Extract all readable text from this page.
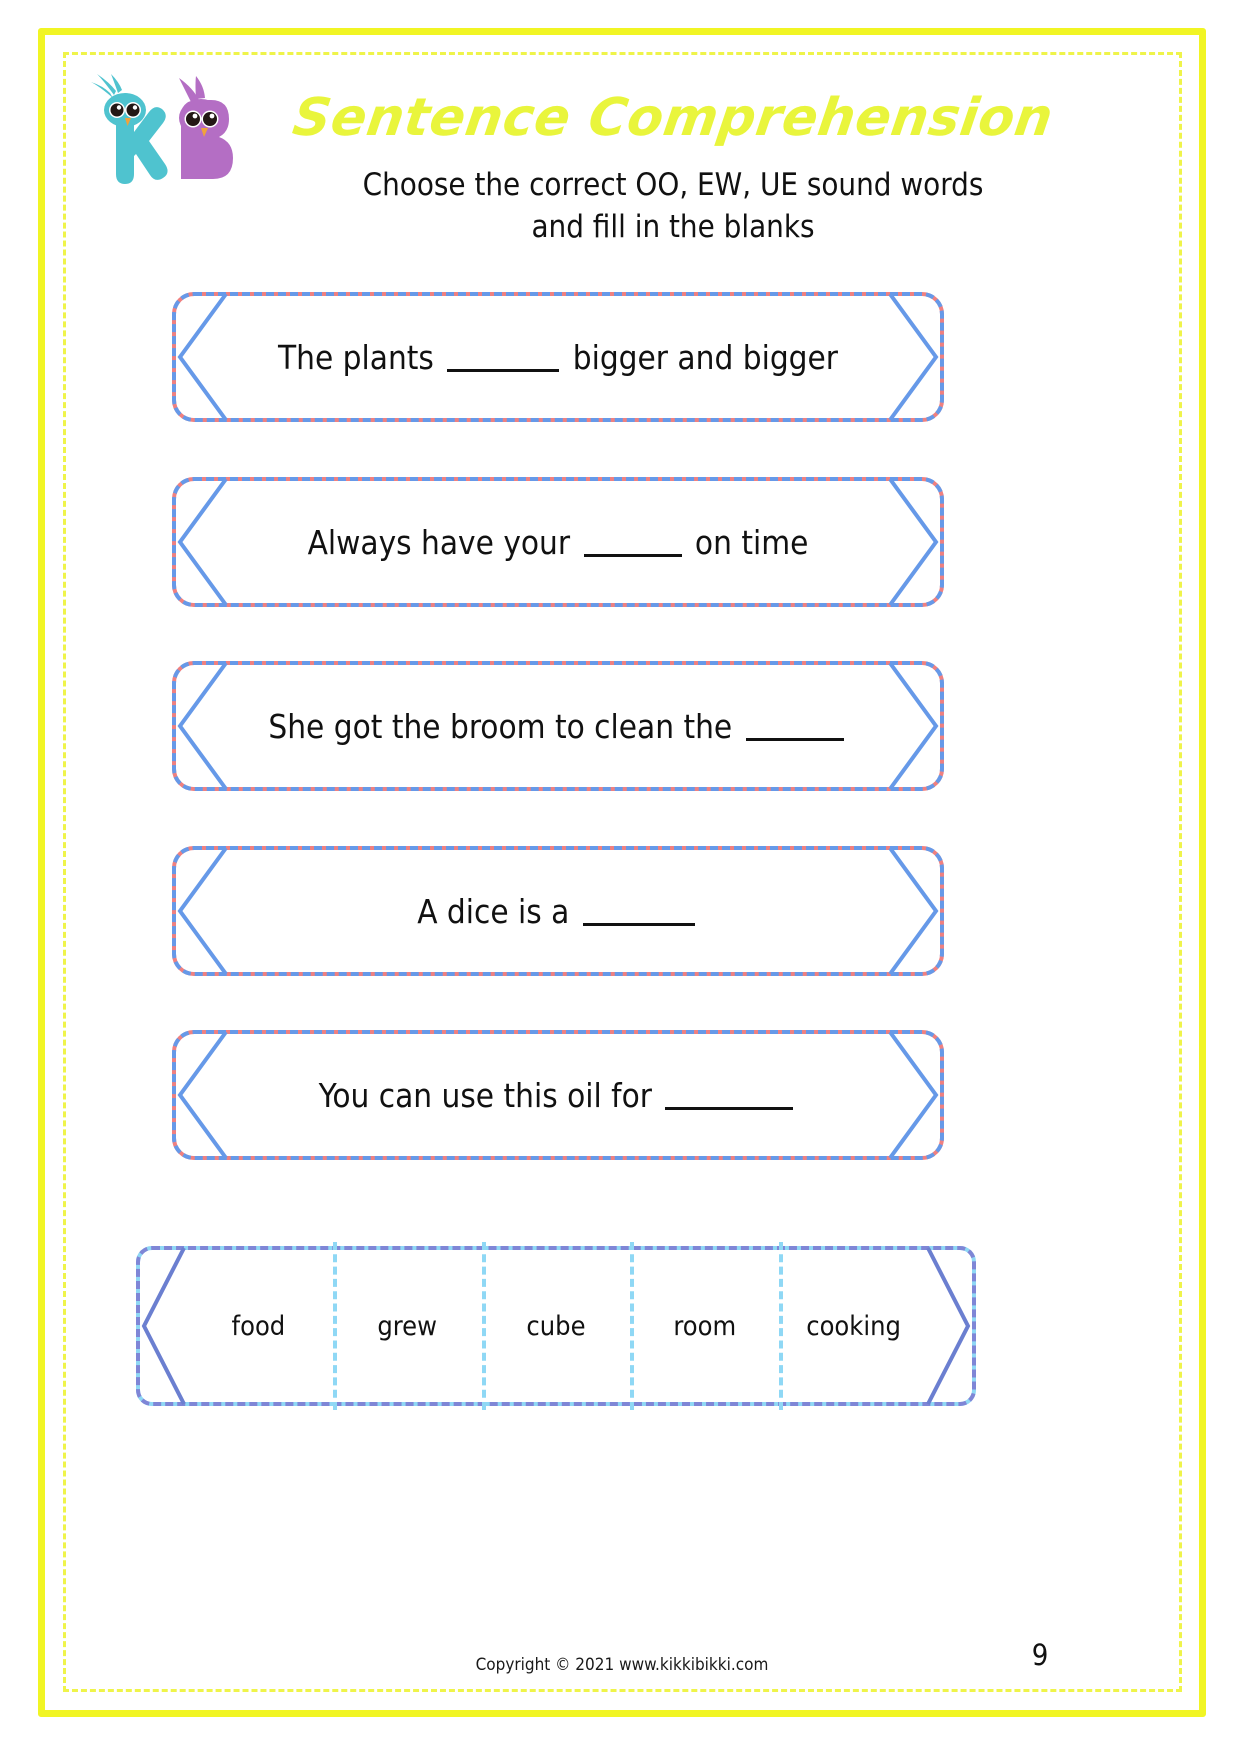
Sentence Comprehension
Choose the correct OO, EW, UE sound words
and fill in the blanks
The plants	bigger and bigger
Always have your	on time
She got the broom to clean the
A dice is a
You can use this oil for
food	grew	cube	room	cooking
Copyright © 2021 www.kikkibikki.com	9
